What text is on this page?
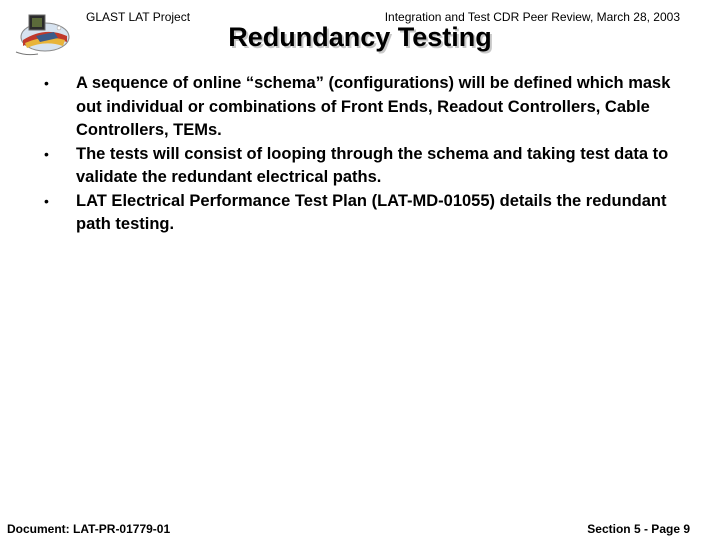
GLAST LAT Project	Integration and Test CDR Peer Review, March 28, 2003
Redundancy Testing
•	A sequence of online “schema” (configurations) will be defined which mask out individual or combinations of Front Ends, Readout Controllers, Cable Controllers, TEMs.
•	The tests will consist of looping through the schema and taking test data to validate the redundant electrical paths.
•	LAT Electrical Performance Test Plan (LAT-MD-01055) details the redundant path testing.
Document: LAT-PR-01779-01	Section 5 - Page 9
